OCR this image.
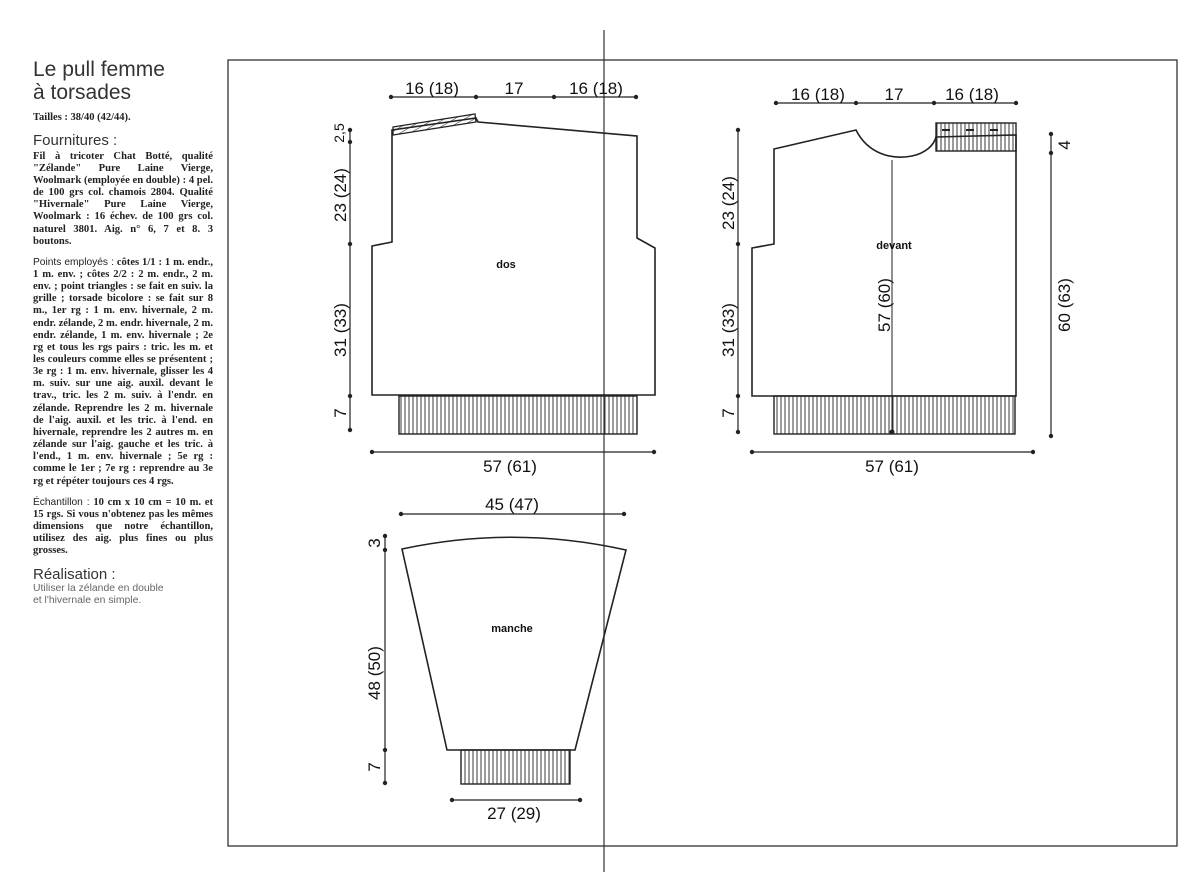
Le pull femme
à torsades
Tailles : 38/40 (42/44).
Fournitures :
Fil à tricoter Chat Botté, qualité "Zélande" Pure Laine Vierge, Woolmark (employée en double) : 4 pel. de 100 grs col. chamois 2804. Qualité "Hivernale" Pure Laine Vierge, Woolmark : 16 échev. de 100 grs col. naturel 3801. Aig. n° 6, 7 et 8. 3 boutons.
Points employés : côtes 1/1 : 1 m. endr., 1 m. env. ; côtes 2/2 : 2 m. endr., 2 m. env. ; point triangles : se fait en suiv. la grille ; torsade bicolore : se fait sur 8 m., 1er rg : 1 m. env. hivernale, 2 m. endr. zélande, 2 m. endr. hivernale, 2 m. endr. zélande, 1 m. env. hivernale ; 2e rg et tous les rgs pairs : tric. les m. et les couleurs comme elles se présentent ; 3e rg : 1 m. env. hivernale, glisser les 4 m. suiv. sur une aig. auxil. devant le trav., tric. les 2 m. suiv. à l'endr. en zélande. Reprendre les 2 m. hivernale de l'aig. auxil. et les tric. à l'end. en hivernale, reprendre les 2 autres m. en zélande sur l'aig. gauche et les tric. à l'end., 1 m. env. hivernale ; 5e rg : comme le 1er ; 7e rg : reprendre au 3e rg et répéter toujours ces 4 rgs.
Échantillon : 10 cm x 10 cm = 10 m. et 15 rgs. Si vous n'obtenez pas les mêmes dimensions que notre échantillon, utilisez des aig. plus fines ou plus grosses.
Réalisation :
Utiliser la zélande en double
et l'hivernale en simple.
dos
16 (18)	17	16 (18)
2,5
23 (24)
31 (33)
7
57 (61)
devant
57 (60)
16 (18) 17 16 (18)
23 (24)
31 (33)
7
4
60 (63)
57 (61)
manche
45 (47)
3
48 (50)
7
27 (29)
